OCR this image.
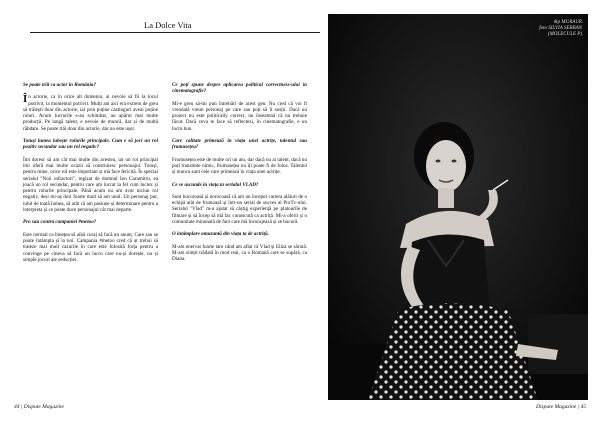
La Dolce Vita

Se poate trăi ca actor în România?

În actorie, ca în orice alt domeniu, ai nevoie să fii la locul potrivit, la momentul potrivit. Mulți ani aici era extrem de greu să trăiești doar din actorie, iar prin puține castinguri aveai puține roluri. Acum lucrurile s-au schimbat, au apărut mai multe producții. Pe langă talent, e nevoie de muncă, dar și de multă răbdare. Se poate trăi doar din actorie, dar nu este ușor.

Totuși lumea iubește rolurile principale. Cum e să joci un rol pozitiv secundar sau un rol negativ?

Îmi doresc să am cât mai multe din acestea, iar un rol principal îmi oferă mai multe ocazii să construiesc personajul. Totuși, pentru mine, orice rol este important și mă face fericită. În special serialul "Noii infractori", regizat de domnul Ion Caramitru, ea joacă un rol secundar, pentru care am lucrat la fel cum lucrez și pentru rolurile principale. Până acum nu am avut niciun rol negativ, deși mi-aș dori foarte mult să am unul. Un personaj pur, iubit de toată lumea, să arăt că am pasiune și determinare pentru a interpreta și ce poate duce personajul cât mai departe.

Pro sau contra campaniei #metoo?

Este normal ca binețea să aibă curaj să facă un anunț. Care sau se poate întâmpla și la noi. Campania #metoo cred că ar trebui să trateze mai mult cazurile în care este folosită forța pentru a convinge pe cineva să facă un lucru care nu-și dorește, nu și simple jocuri ale seducției.

Ce poți spune despre aplicarea political correctness-ului în cinematografie?

Mi-e greu să-mi pun întrebări de acest gen. Nu cred că voi fi vreodată vreun personaj pe care sau poți să îl susții. Dacă un proiect nu este politically correct, nu înseamnă că nu trebuie făcut. Dacă ceva te face să reflectezi, în cinematografie, e un lucru bun.

Care calitate primează în viața unei actrițe, talentul sau frumusețea?

Frumusețea este de multe ori un atu, dar dacă nu ai talent, dacă nu poți transmite nimic, frumusețea nu îți poate fi de folos. Talentul și munca sunt cele care primează în viața unei actrițe.

Ce se ascunde în viața ta serialul VLAD?

Sunt bucuroasă și norocoasă că am un început cariera alături de o echipă atât de frumoasă și într-un serial de succes al ProTv-ului. Serialul "Vlad" m-a ajutat să câștig experiență pe platourile de filmare și să încep să mă fac cunoscută ca actriță. Mi-a oferit și o comunitate minunată de fani care mă încurajează și se bucură.

O întâmplare amuzantă din viața ta de actriță.

M-am enervat foarte tare când am aflat că Vlad și Eliza se sărută. M-am simțit trădată în mod real, ca o Romană care se supără, ca Diana.

44 | Dispute Magazine	Dispute Magazine | 45
&p MURAUR
foto SILVIA SERBAN
(MOLECULE P)
